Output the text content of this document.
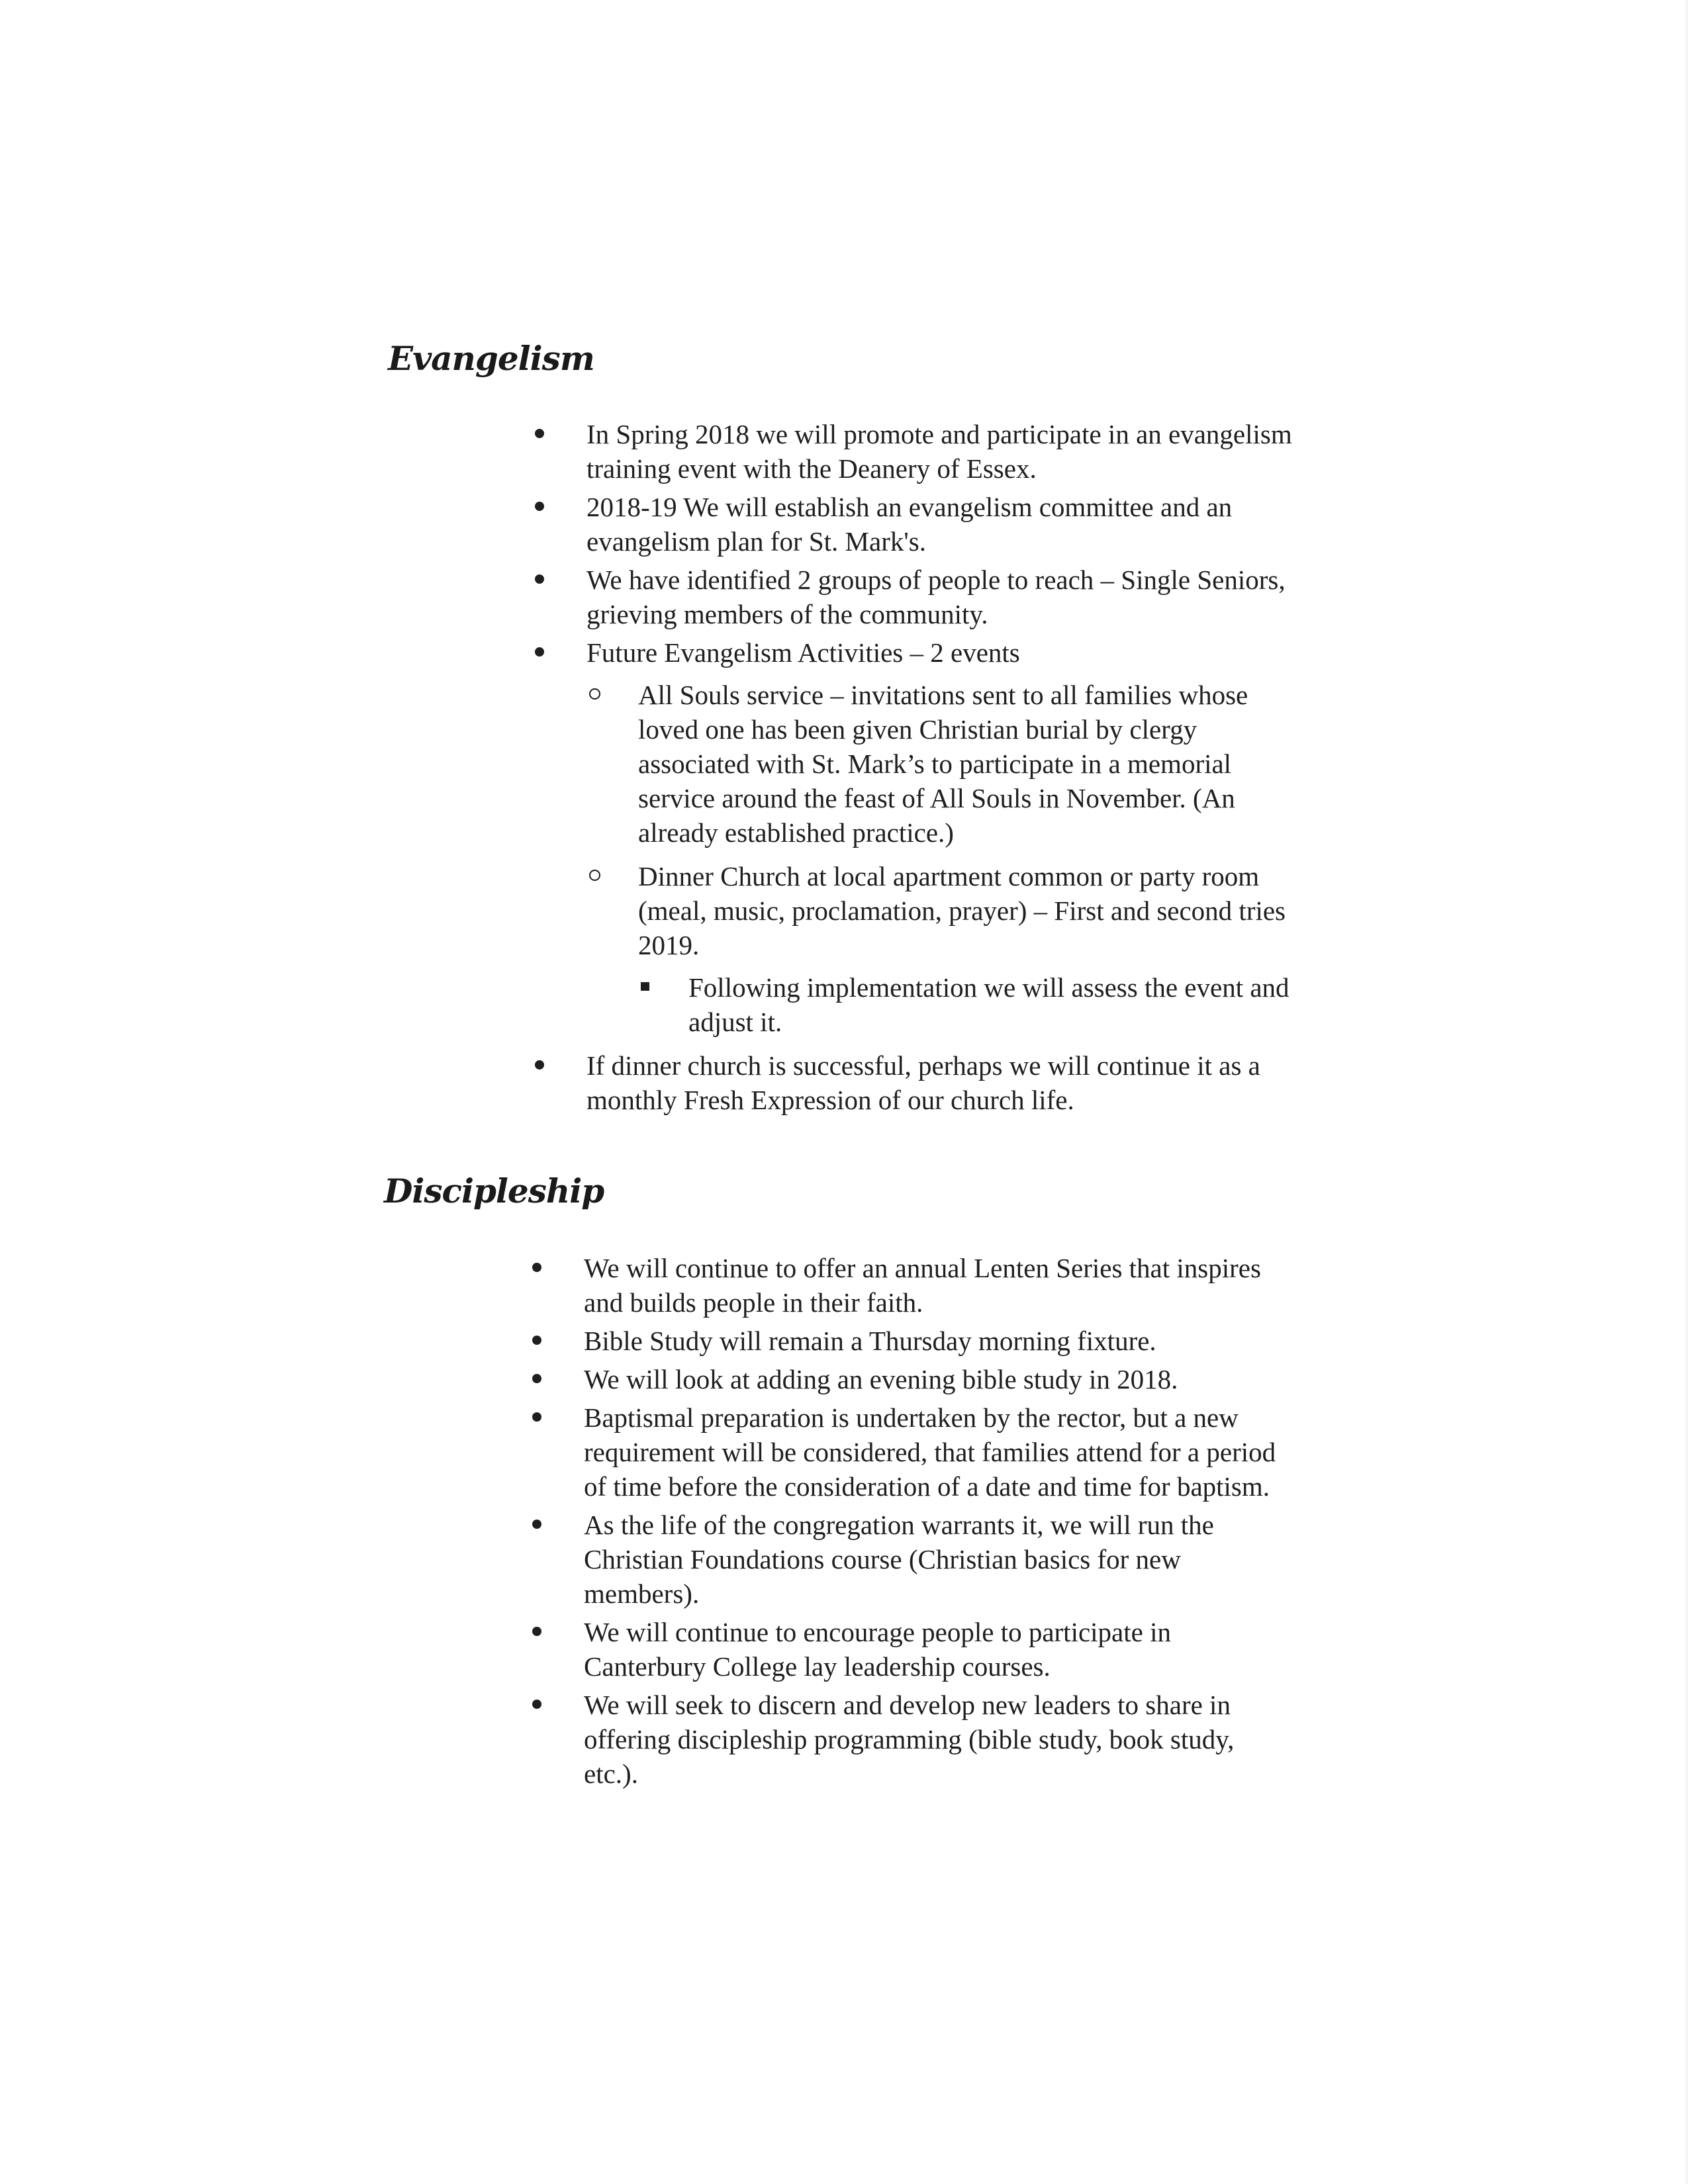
Evangelism
In Spring 2018 we will promote and participate in an evangelism training event with the Deanery of Essex.
2018-19 We will establish an evangelism committee and an evangelism plan for St. Mark's.
We have identified 2 groups of people to reach – Single Seniors, grieving members of the community.
Future Evangelism Activities – 2 events
All Souls service – invitations sent to all families whose loved one has been given Christian burial by clergy associated with St. Mark’s to participate in a memorial service around the feast of All Souls in November. (An already established practice.)
Dinner Church at local apartment common or party room (meal, music, proclamation, prayer) – First and second tries 2019.
Following implementation we will assess the event and adjust it.
If dinner church is successful, perhaps we will continue it as a monthly Fresh Expression of our church life.
Discipleship
We will continue to offer an annual Lenten Series that inspires and builds people in their faith.
Bible Study will remain a Thursday morning fixture.
We will look at adding an evening bible study in 2018.
Baptismal preparation is undertaken by the rector, but a new requirement will be considered, that families attend for a period of time before the consideration of a date and time for baptism.
As the life of the congregation warrants it, we will run the Christian Foundations course (Christian basics for new members).
We will continue to encourage people to participate in Canterbury College lay leadership courses.
We will seek to discern and develop new leaders to share in offering discipleship programming (bible study, book study, etc.).
